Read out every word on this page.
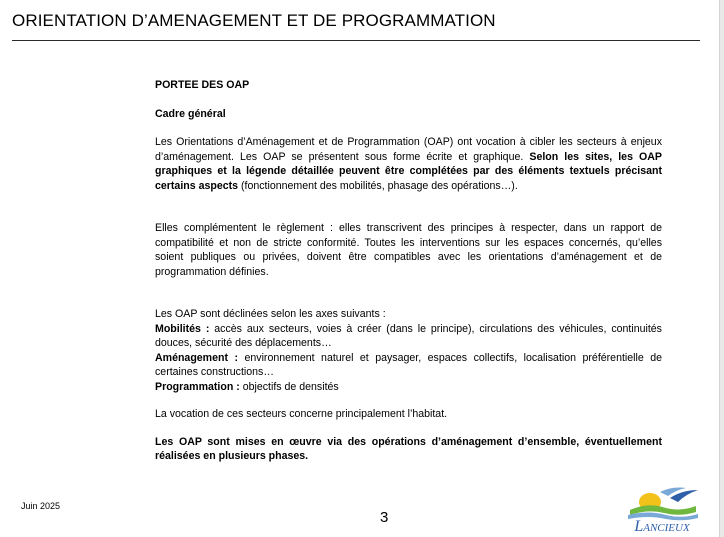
ORIENTATION D’AMENAGEMENT ET DE PROGRAMMATION

PORTEE DES OAP

Cadre général

Les Orientations d’Aménagement et de Programmation (OAP) ont vocation à cibler les secteurs à enjeux d’aménagement. Les OAP se présentent sous forme écrite et graphique. Selon les sites, les OAP graphiques et la légende détaillée peuvent être complétées par des éléments textuels précisant certains aspects (fonctionnement des mobilités, phasage des opérations…).

Elles complémentent le règlement : elles transcrivent des principes à respecter, dans un rapport de compatibilité et non de stricte conformité. Toutes les interventions sur les espaces concernés, qu’elles soient publiques ou privées, doivent être compatibles avec les orientations d’aménagement et de programmation définies.

Les OAP sont déclinées selon les axes suivants :

Mobilités : accès aux secteurs, voies à créer (dans le principe), circulations des véhicules, continuités douces, sécurité des déplacements…

Aménagement : environnement naturel et paysager, espaces collectifs, localisation préférentielle de certaines constructions…

Programmation : objectifs de densités

La vocation de ces secteurs concerne principalement l’habitat.

Les OAP sont mises en œuvre via des opérations d’aménagement d’ensemble, éventuellement réalisées en plusieurs phases.

Juin 2025
3
LANCIEUX
